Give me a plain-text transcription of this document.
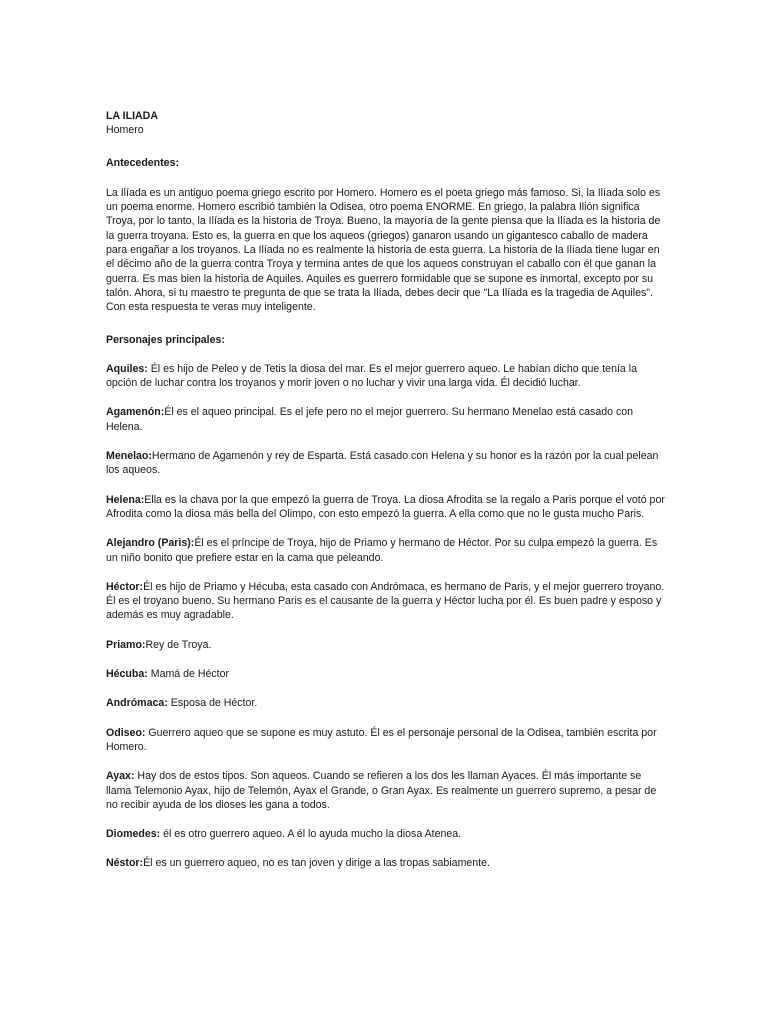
LA ILIADA

Homero

Antecedentes:

La Ilíada es un antiguo poema griego escrito por Homero. Homero es el poeta griego más famoso. Si, la Ilíada solo es un poema enorme. Homero escribió también la Odisea, otro poema ENORME. En griego, la palabra Ilión significa Troya, por lo tanto, la Ilíada es la historia de Troya. Bueno, la mayoría de la gente piensa que la Ilíada es la historia de la guerra troyana. Esto es, la guerra en que los aqueos (griegos) ganaron usando un gigantesco caballo de madera para engañar a los troyanos. La Ilíada no es realmente la historia de esta guerra. La historia de la Ilíada tiene lugar en el décimo año de la guerra contra Troya y termina antes de que los aqueos construyan el caballo con él que ganan la guerra. Es mas bien la historia de Aquiles. Aquiles es guerrero formidable que se supone es inmortal, excepto por su talón. Ahora, si tu maestro te pregunta de que se trata la Ilíada, debes decir que "La Ilíada es la tragedia de Aquiles". Con esta respuesta te veras muy inteligente.

Personajes principales:

Aquiles: Él es hijo de Peleo y de Tetis la diosa del mar. Es el mejor guerrero aqueo. Le habían dicho que tenía la opción de luchar contra los troyanos y morir joven o no luchar y vivir una larga vida. Él decidió luchar.

Agamenón:Él es el aqueo principal. Es el jefe pero no el mejor guerrero. Su hermano Menelao está casado con Helena.

Menelao:Hermano de Agamenón y rey de Esparta. Está casado con Helena y su honor es la razón por la cual pelean los aqueos.

Helena:Ella es la chava por la que empezó la guerra de Troya. La diosa Afrodita se la regalo a Paris porque el votó por Afrodita como la diosa más bella del Olimpo, con esto empezó la guerra. A ella como que no le gusta mucho Paris.

Alejandro (Paris):Él es el príncipe de Troya, hijo de Priamo y hermano de Héctor. Por su culpa empezó la guerra. Es un niño bonito que prefiere estar en la cama que peleando.

Héctor:Él es hijo de Priamo y Hécuba, esta casado con Andrómaca, es hermano de Paris, y el mejor guerrero troyano. Él es el troyano bueno. Su hermano Paris es el causante de la guerra y Héctor lucha por él. Es buen padre y esposo y además es muy agradable.

Priamo:Rey de Troya.

Hécuba: Mamá de Héctor

Andrómaca: Esposa de Héctor.

Odiseo: Guerrero aqueo que se supone es muy astuto. Él es el personaje personal de la Odisea, también escrita por Homero.

Ayax: Hay dos de estos tipos. Son aqueos. Cuando se refieren a los dos les llaman Ayaces. Él más importante se llama Telemonio Ayax, hijo de Telemón, Ayax el Grande, o Gran Ayax. Es realmente un guerrero supremo, a pesar de no recibir ayuda de los dioses les gana a todos.

Diomedes: él es otro guerrero aqueo. A él lo ayuda mucho la diosa Atenea.

Néstor:Él es un guerrero aqueo, no es tan joven y dirige a las tropas sabiamente.
